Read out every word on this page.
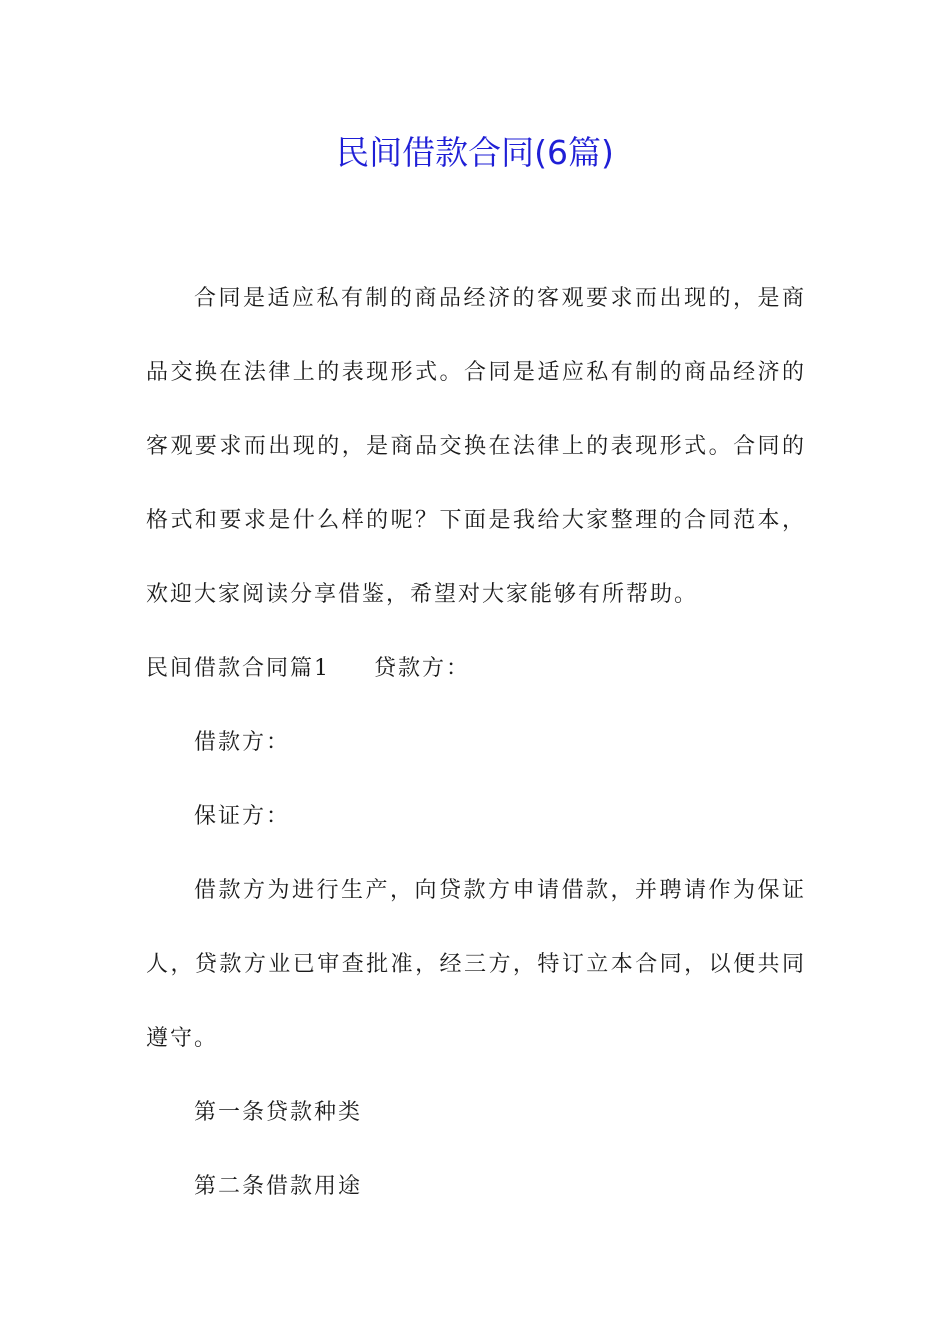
民间借款合同(6篇)

合同是适应私有制的商品经济的客观要求而出现的，是商品交换在法律上的表现形式。合同是适应私有制的商品经济的客观要求而出现的，是商品交换在法律上的表现形式。合同的格式和要求是什么样的呢？下面是我给大家整理的合同范本，欢迎大家阅读分享借鉴，希望对大家能够有所帮助。

民间借款合同篇1 贷款方：

借款方：

保证方：

借款方为进行生产，向贷款方申请借款，并聘请作为保证人，贷款方业已审查批准，经三方，特订立本合同，以便共同遵守。

第一条贷款种类

第二条借款用途
